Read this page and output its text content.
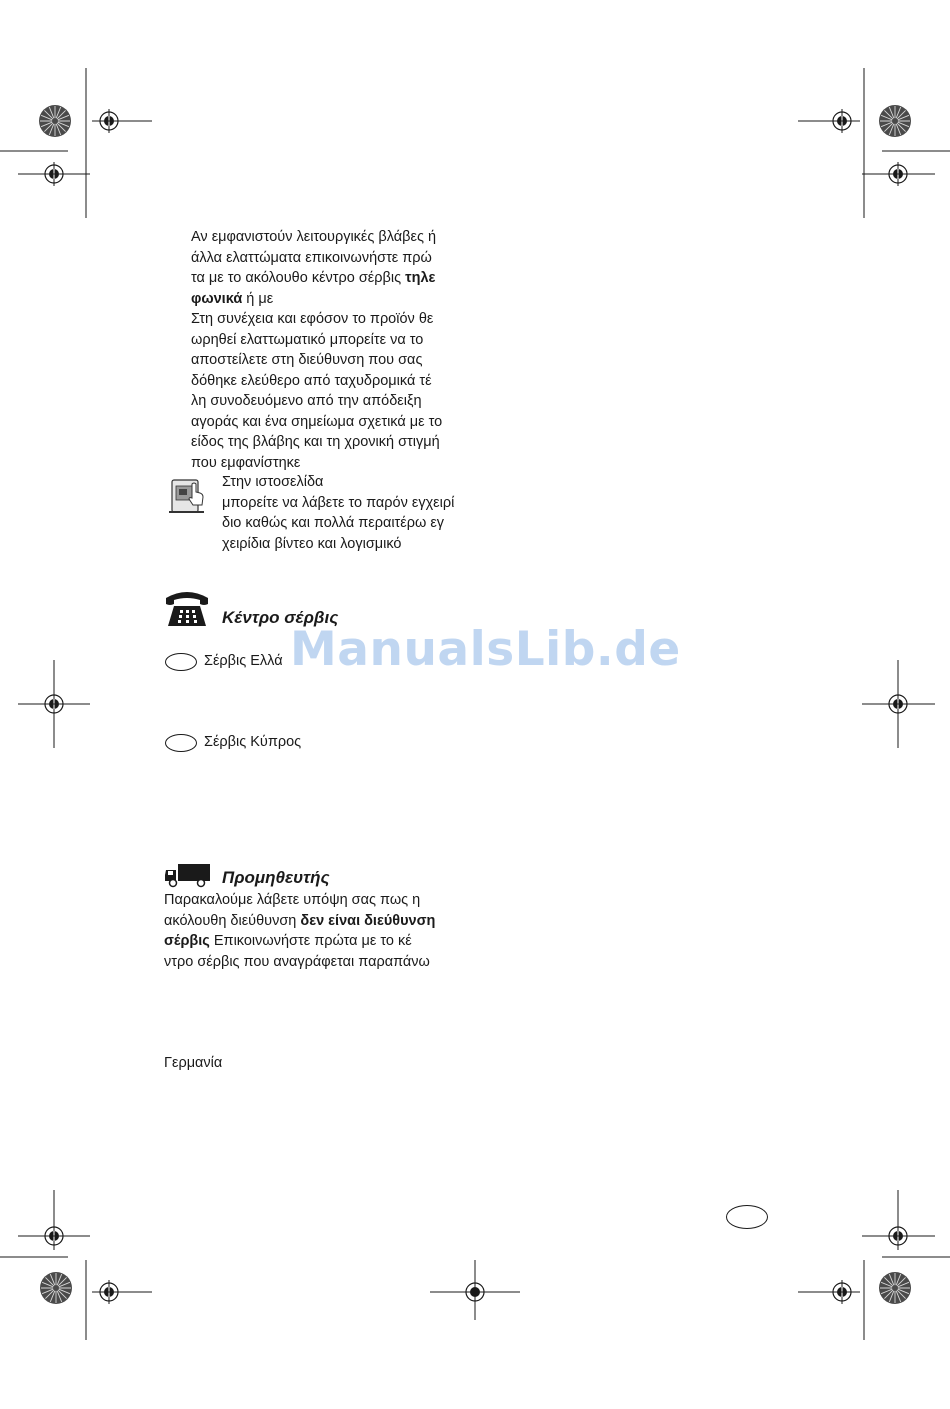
Αν εμφανιστούν λειτουργικές βλάβες ή
άλλα ελαττώματα επικοινωνήστε πρώ
τα με το ακόλουθο κέντρο σέρβις τηλε
φωνικά ή με
Στη συνέχεια και εφόσον το προϊόν θε
ωρηθεί ελαττωματικό μπορείτε να το
αποστείλετε στη διεύθυνση που σας
δόθηκε ελεύθερο από ταχυδρομικά τέ
λη συνοδευόμενο από την απόδειξη
αγοράς και ένα σημείωμα σχετικά με το
είδος της βλάβης και τη χρονική στιγμή
που εμφανίστηκε
Στην ιστοσελίδα
μπορείτε να λάβετε το παρόν εγχειρί
διο καθώς και πολλά περαιτέρω εγ
χειρίδια βίντεο και λογισμικό
Κέντρο σέρβις
Σέρβις Ελλά
Σέρβις Κύπρος
ManualsLib.de
Προμηθευτής
Παρακαλούμε λάβετε υπόψη σας πως η
ακόλουθη διεύθυνση δεν είναι διεύθυνση
σέρβις Επικοινωνήστε πρώτα με το κέ
ντρο σέρβις που αναγράφεται παραπάνω
Γερμανία
